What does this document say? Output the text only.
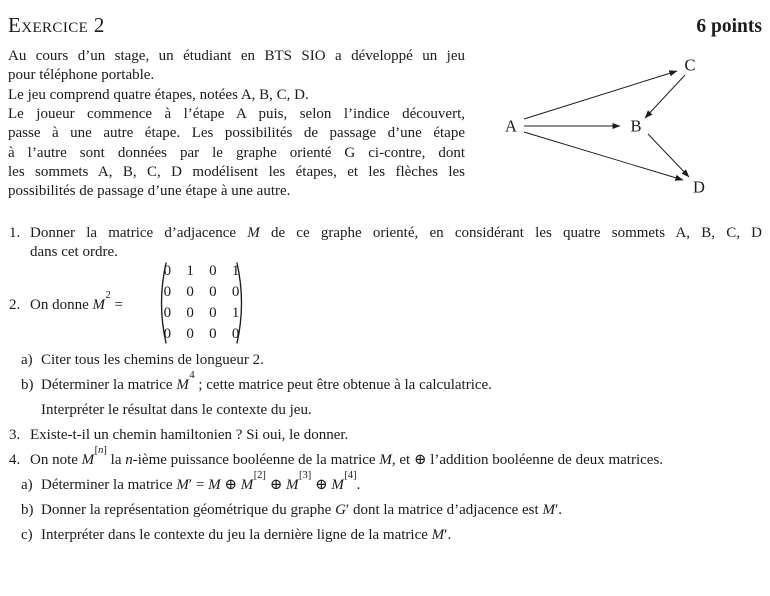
Exercice 2	6 points
Au cours d’un stage, un étudiant en BTS SIO a développé un jeu
pour téléphone portable.
Le jeu comprend quatre étapes, notées A, B, C, D.
Le joueur commence à l’étape A puis, selon l’indice découvert,
passe à une autre étape. Les possibilités de passage d’une étape
à l’autre sont données par le graphe orienté G ci-contre, dont
les sommets A, B, C, D modélisent les étapes, et les flèches les
possibilités de passage d’une étape à une autre.
A	B
C
D
1. Donner la matrice d’adjacence M de ce graphe orienté, en considérant les quatre sommets A, B, C, D
dans cet ordre.
2. On donne $M^2$ =
0	1	0	1
0	0	0	0
0	0	0	1
0	0	0	0
a) Citer tous les chemins de longueur 2.
b) Déterminer la matrice $M^4$ ; cette matrice peut être obtenue à la calculatrice.
Interpréter le résultat dans le contexte du jeu.
3. Existe-t-il un chemin hamiltonien ? Si oui, le donner.
4. On note M[n] la n-ième puissance booléenne de la matrice M, et ⊕ l’addition booléenne de deux matrices.
a) Déterminer la matrice M′ = M ⊕ M[2] ⊕ M[3] ⊕ M[4].
b) Donner la représentation géométrique du graphe G′ dont la matrice d’adjacence est M′.
c) Interpréter dans le contexte du jeu la dernière ligne de la matrice M′.
